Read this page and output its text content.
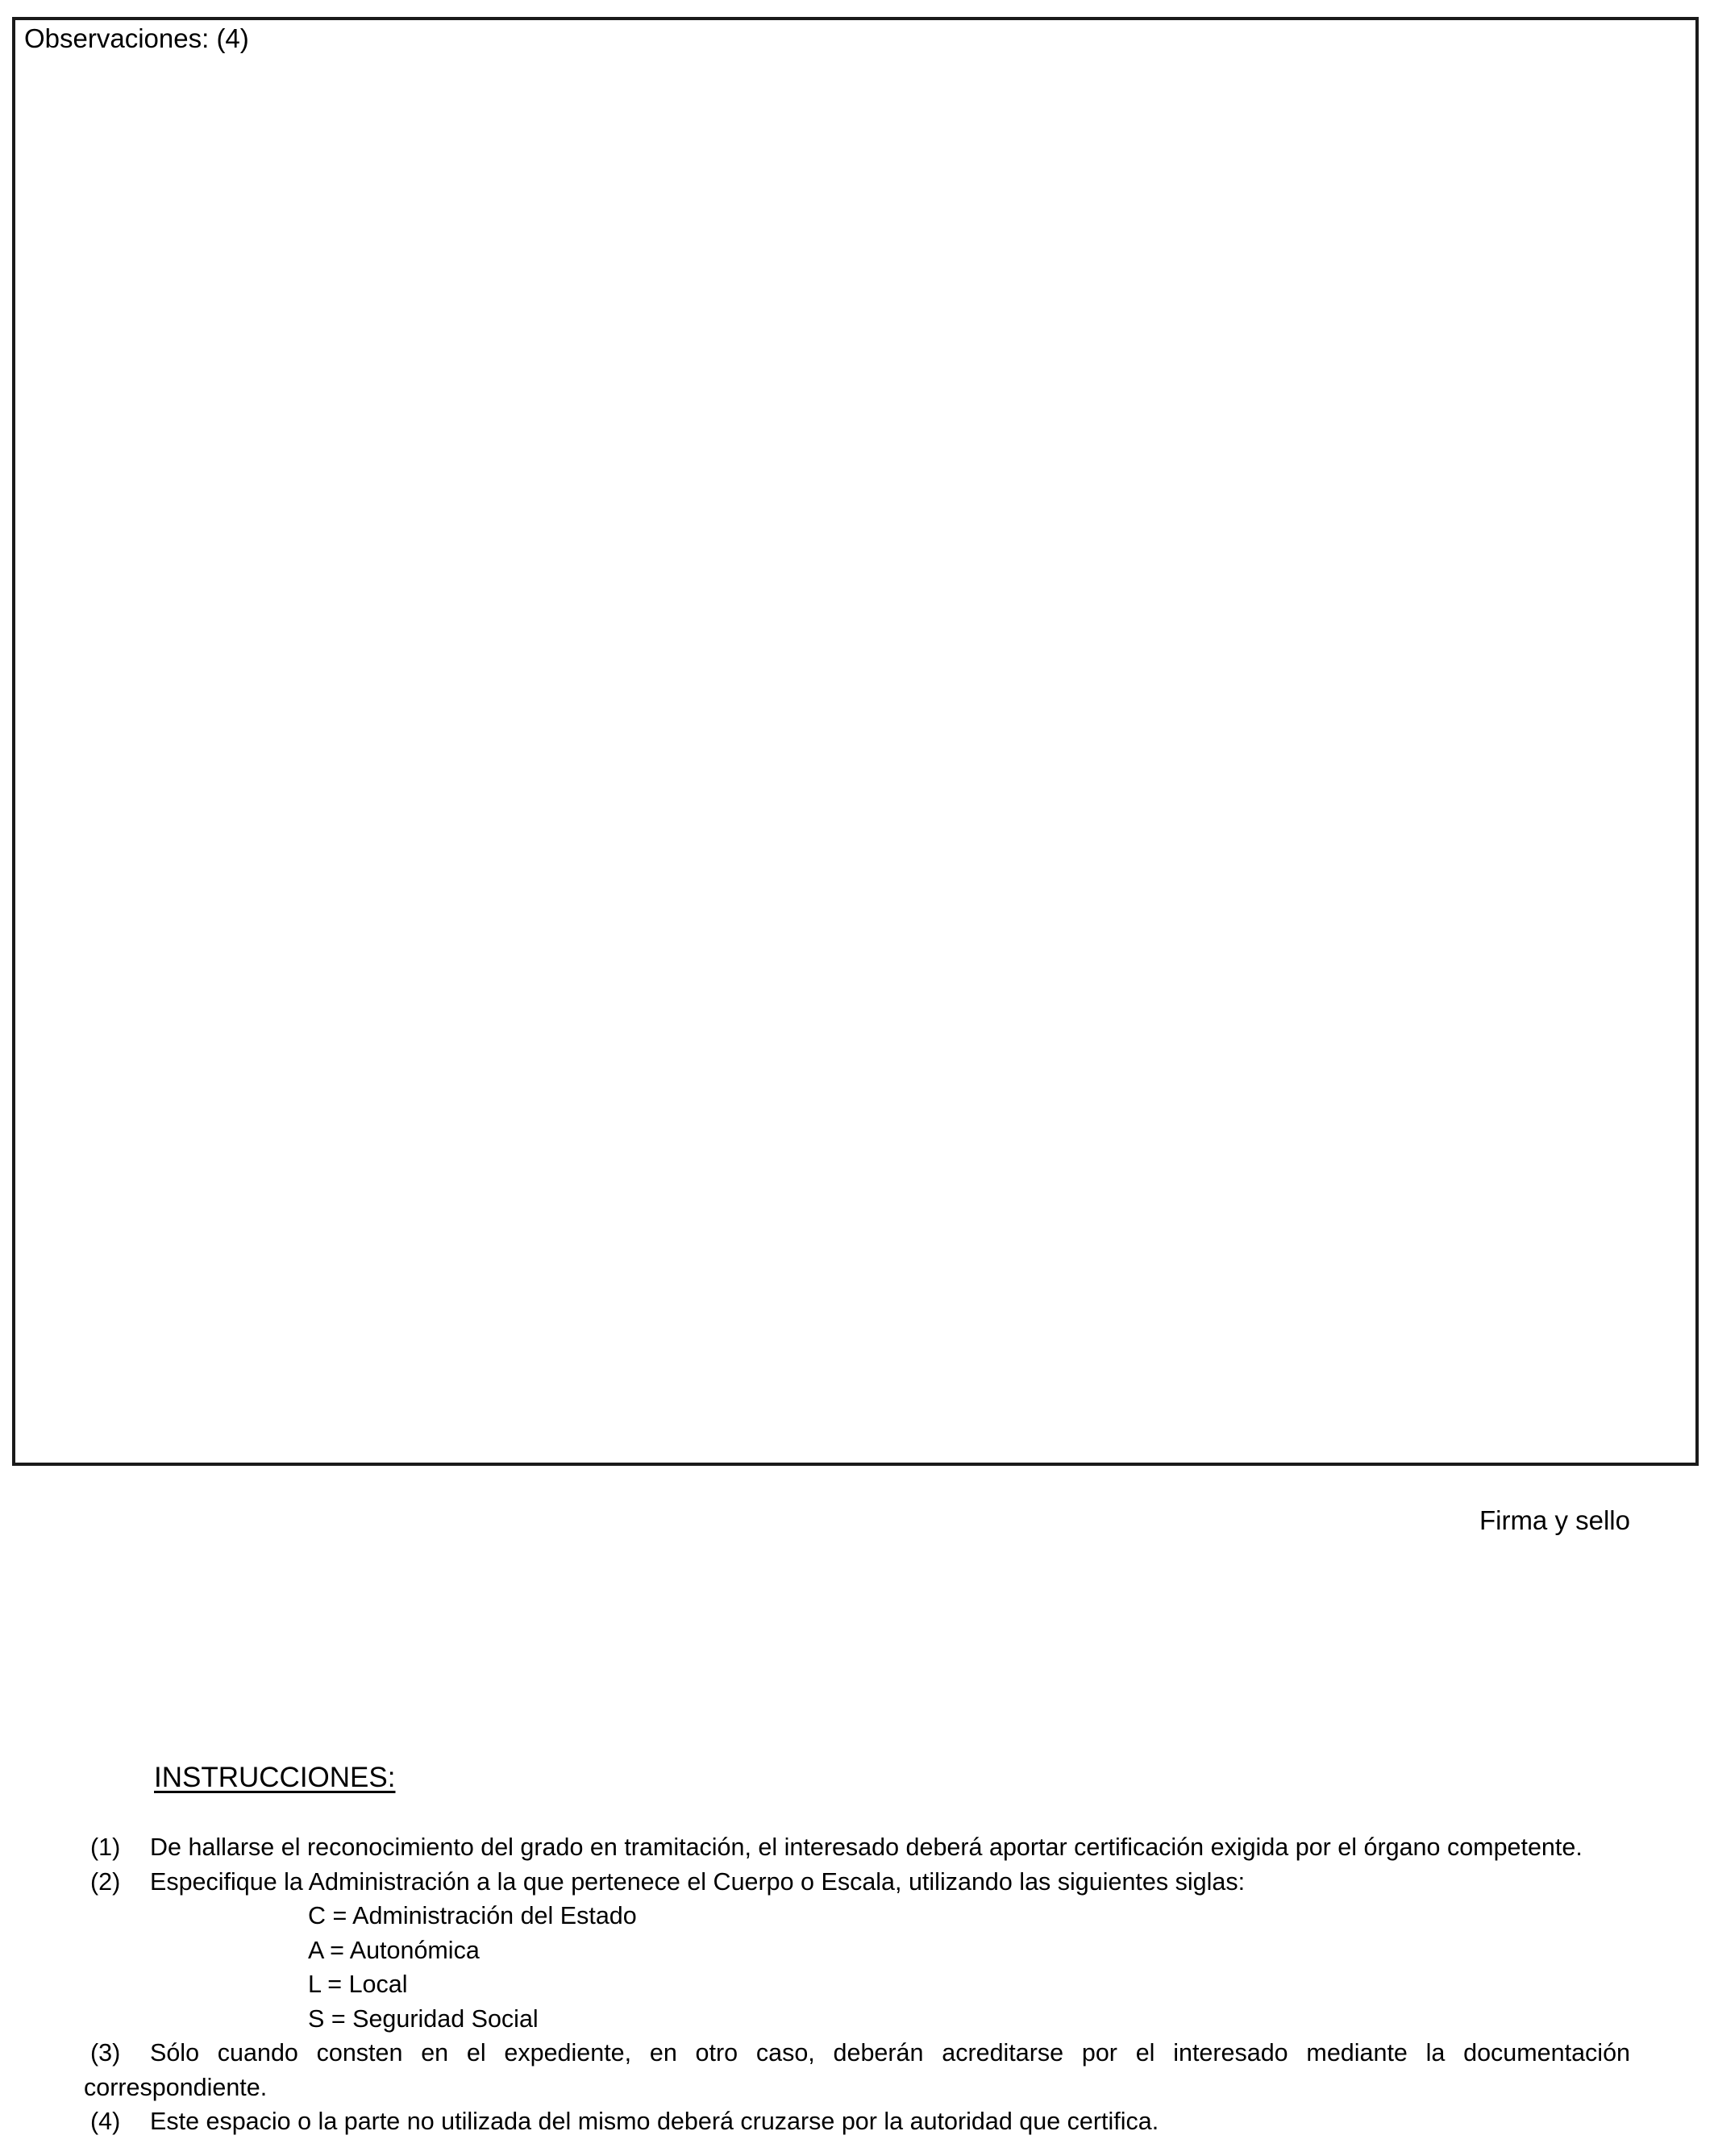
Observaciones: (4)
Firma y sello
INSTRUCCIONES:
(1)	De hallarse el reconocimiento del grado en tramitación, el interesado deberá aportar certificación exigida por el órgano competente.
(2)	Especifique la Administración a la que pertenece el Cuerpo o Escala, utilizando las siguientes siglas:
C = Administración del Estado
A = Autonómica
L = Local
S = Seguridad Social
(3)	Sólo cuando consten en el expediente, en otro caso, deberán acreditarse por el interesado mediante la documentación
correspondiente.
(4)	Este espacio o la parte no utilizada del mismo deberá cruzarse por la autoridad que certifica.
